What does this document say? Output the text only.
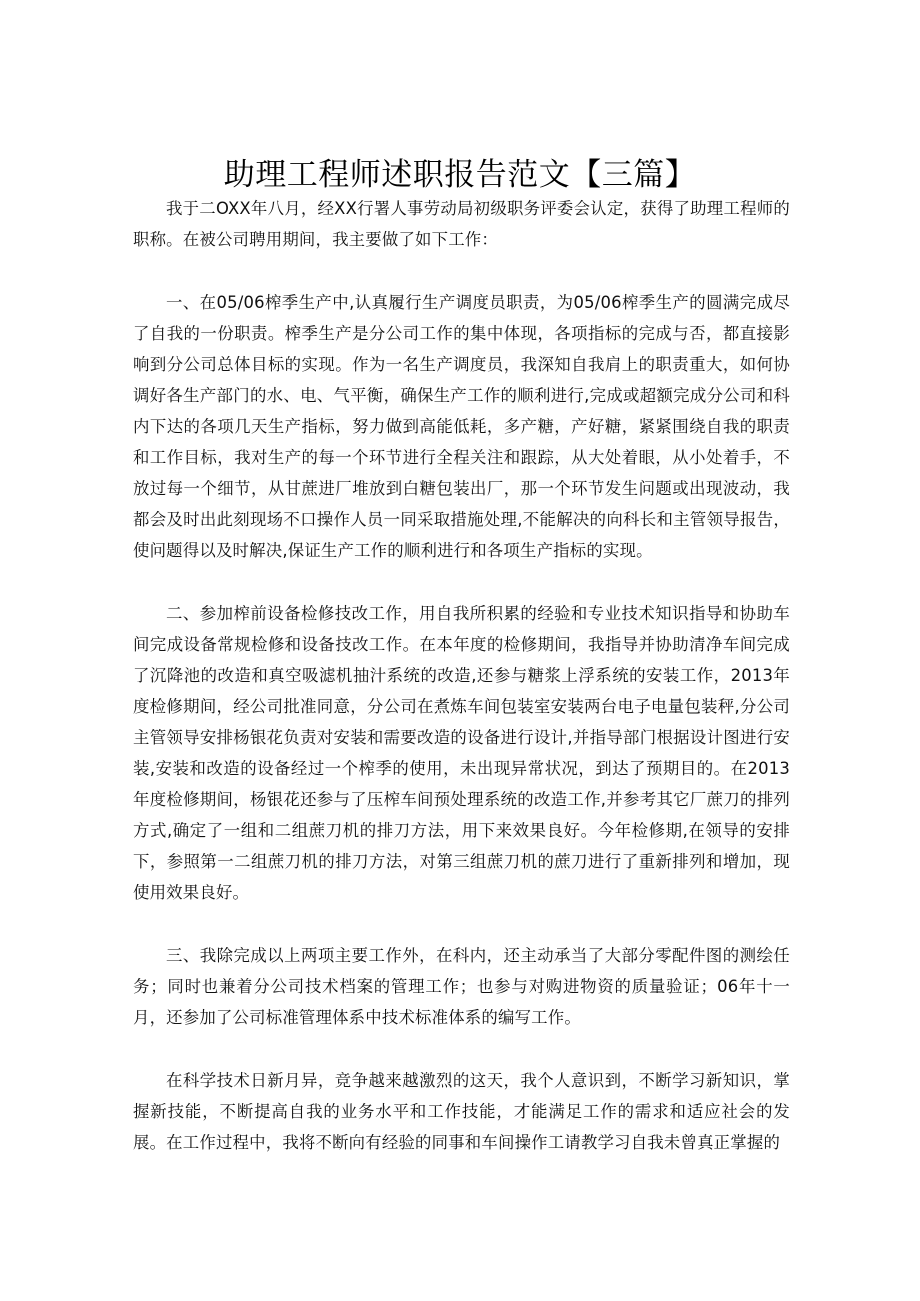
助理工程师述职报告范文【三篇】

我于二OXX年八月，经XX行署人事劳动局初级职务评委会认定，获得了助理工程师的职称。在被公司聘用期间，我主要做了如下工作：

一、在05/06榨季生产中,认真履行生产调度员职责，为05/06榨季生产的圆满完成尽了自我的一份职责。榨季生产是分公司工作的集中体现，各项指标的完成与否，都直接影响到分公司总体目标的实现。作为一名生产调度员，我深知自我肩上的职责重大，如何协调好各生产部门的水、电、气平衡，确保生产工作的顺利进行,完成或超额完成分公司和科内下达的各项几天生产指标，努力做到高能低耗，多产糖，产好糖，紧紧围绕自我的职责和工作目标，我对生产的每一个环节进行全程关注和跟踪，从大处着眼，从小处着手，不放过每一个细节，从甘蔗进厂堆放到白糖包装出厂，那一个环节发生问题或出现波动，我都会及时出此刻现场不口操作人员一同采取措施处理,不能解决的向科长和主管领导报告，使问题得以及时解决,保证生产工作的顺利进行和各项生产指标的实现。

二、参加榨前设备检修技改工作，用自我所积累的经验和专业技术知识指导和协助车间完成设备常规检修和设备技改工作。在本年度的检修期间，我指导并协助清净车间完成了沉降池的改造和真空吸滤机抽汁系统的改造,还参与糖浆上浮系统的安装工作，2013年度检修期间，经公司批准同意，分公司在煮炼车间包装室安装两台电子电量包装秤,分公司主管领导安排杨银花负责对安装和需要改造的设备进行设计,并指导部门根据设计图进行安装,安装和改造的设备经过一个榨季的使用，未出现异常状况，到达了预期目的。在2013年度检修期间，杨银花还参与了压榨车间预处理系统的改造工作,并参考其它厂蔗刀的排列方式,确定了一组和二组蔗刀机的排刀方法，用下来效果良好。今年检修期,在领导的安排下，参照第一二组蔗刀机的排刀方法，对第三组蔗刀机的蔗刀进行了重新排列和增加，现使用效果良好。

三、我除完成以上两项主要工作外，在科内，还主动承当了大部分零配件图的测绘任务；同时也兼着分公司技术档案的管理工作；也参与对购进物资的质量验证；06年十一月，还参加了公司标准管理体系中技术标准体系的编写工作。

在科学技术日新月异，竞争越来越激烈的这天，我个人意识到，不断学习新知识，掌握新技能，不断提高自我的业务水平和工作技能，才能满足工作的需求和适应社会的发展。在工作过程中，我将不断向有经验的同事和车间操作工请教学习自我未曾真正掌握的
